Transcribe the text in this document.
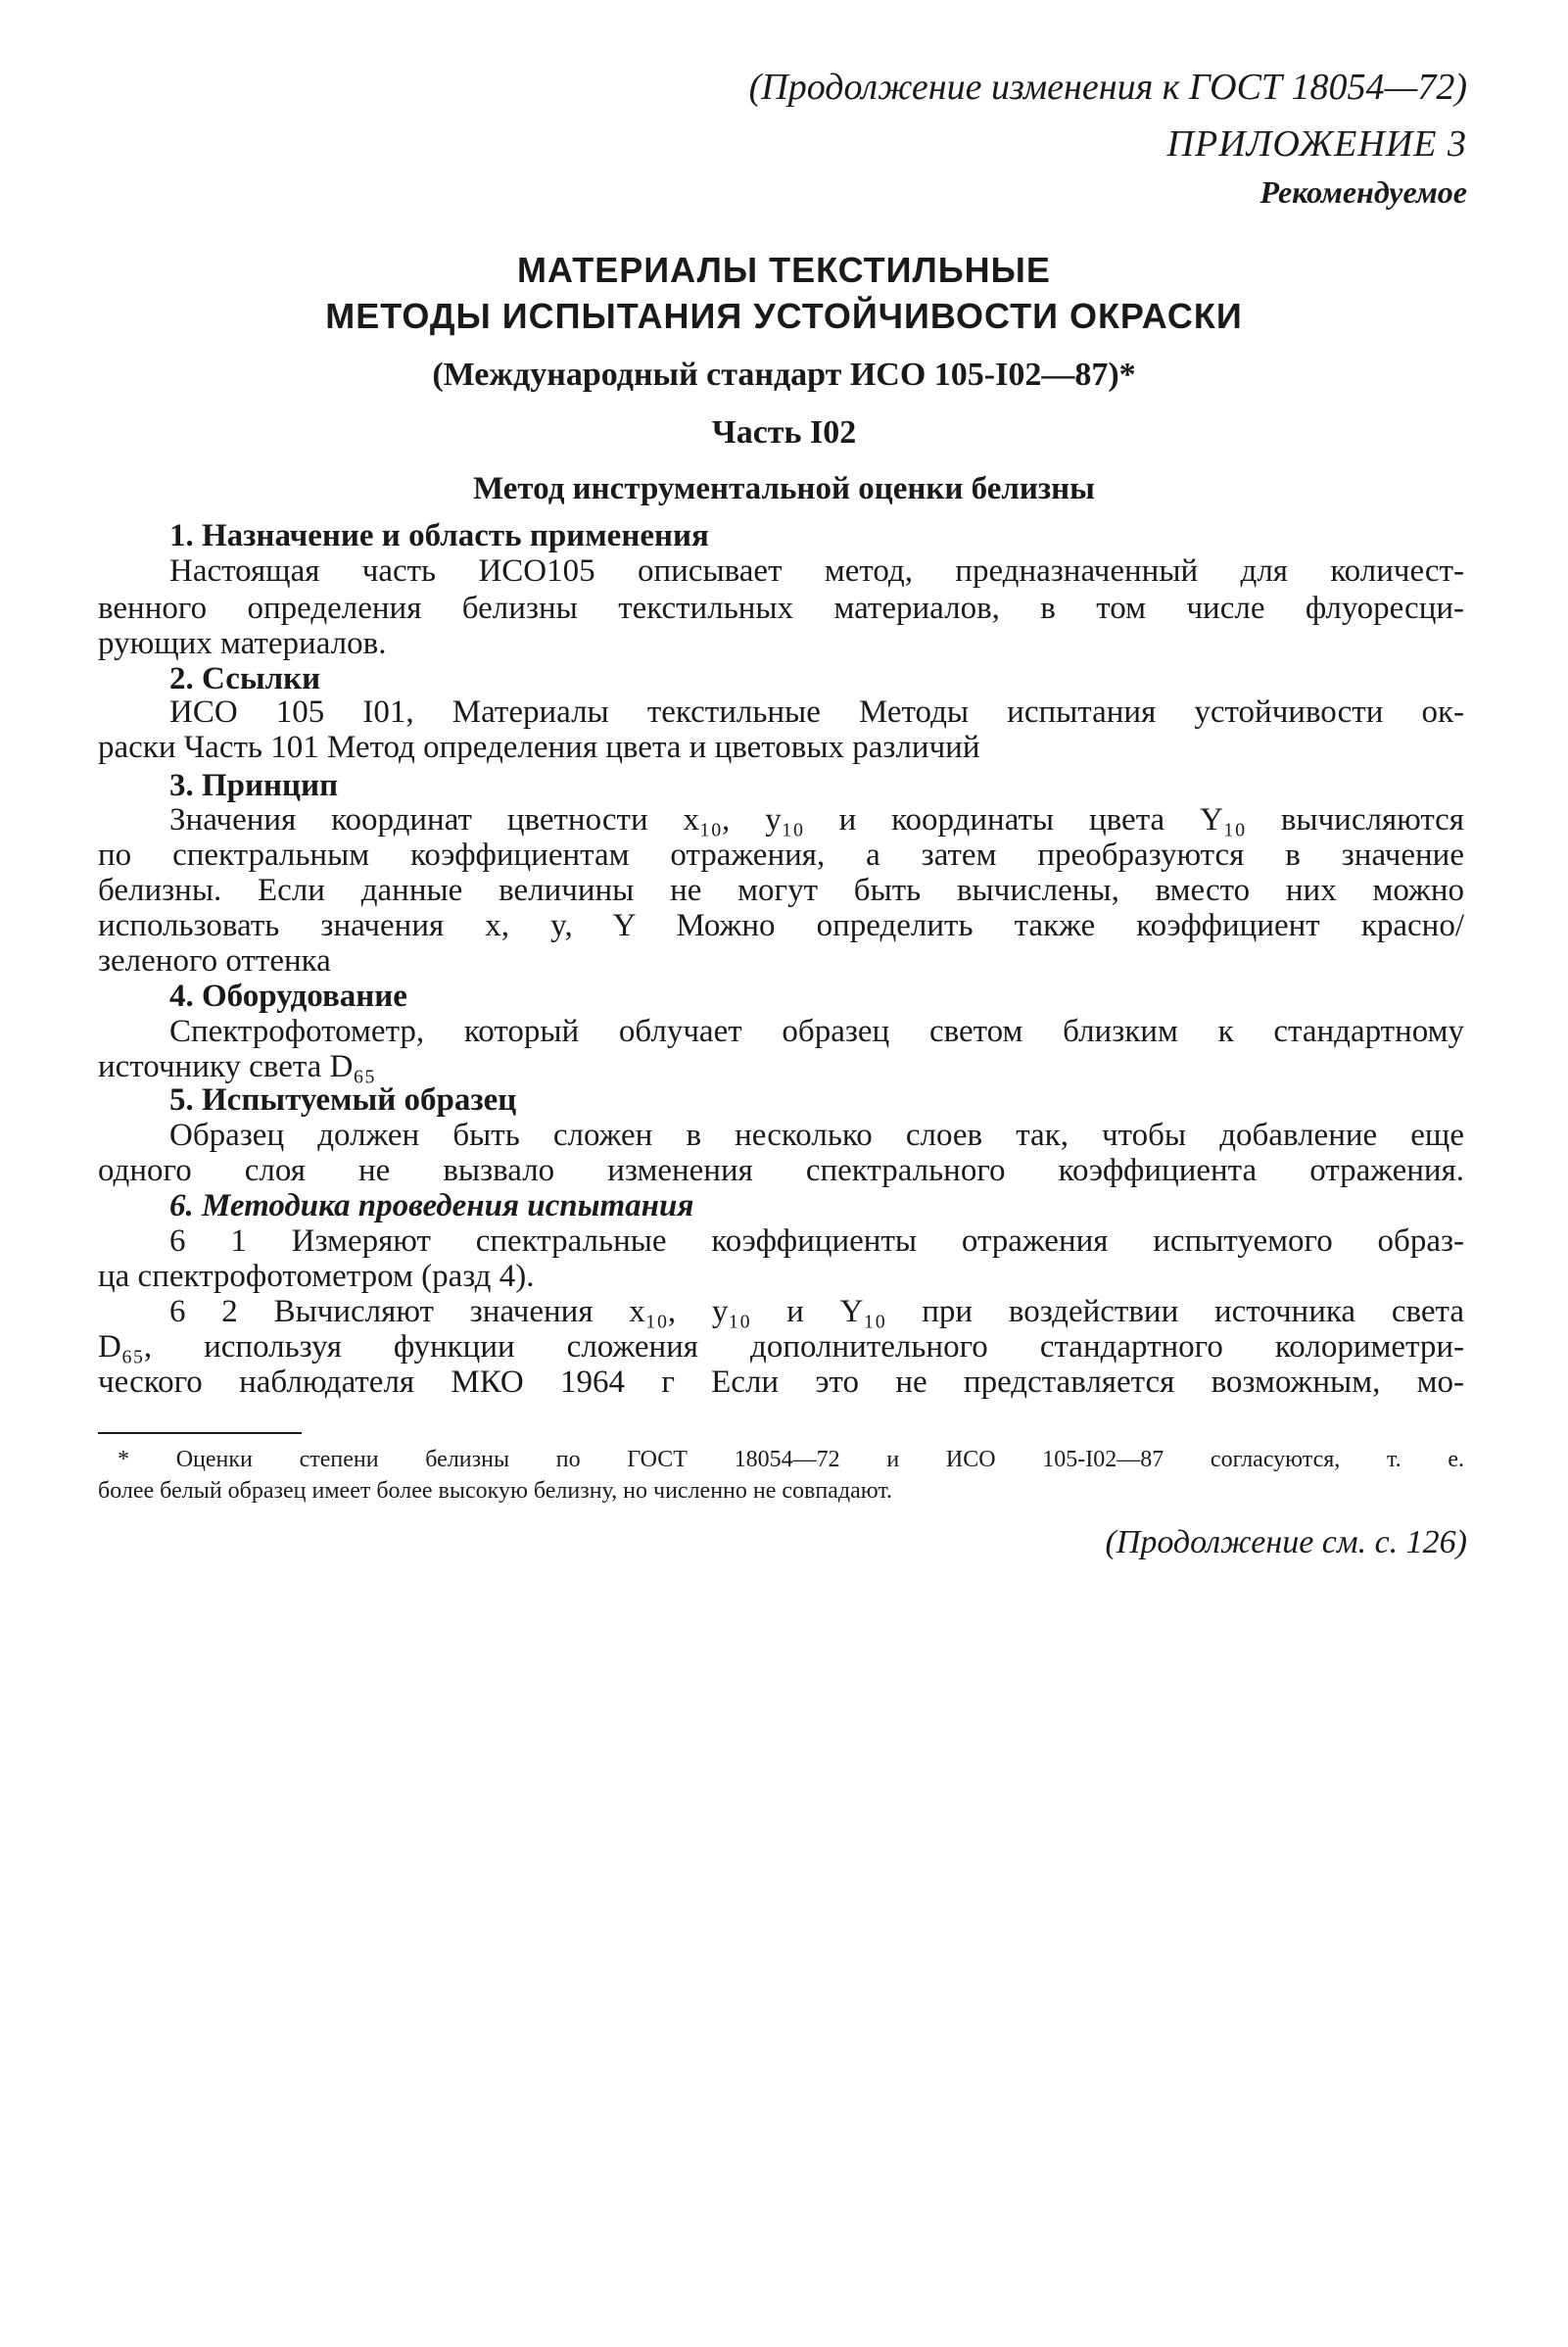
(Продолжение изменения к ГОСТ 18054—72)

ПРИЛОЖЕНИЕ 3

Рекомендуемое

МАТЕРИАЛЫ ТЕКСТИЛЬНЫЕ

МЕТОДЫ ИСПЫТАНИЯ УСТОЙЧИВОСТИ ОКРАСКИ

(Международный стандарт ИСО 105-I02—87)*

Часть I02

Метод инструментальной оценки белизны

1. Назначение и область применения

Настоящая часть ИСО105 описывает метод, предназначенный для количест-

венного определения белизны текстильных материалов, в том числе флуоресци-

рующих материалов.

2. Ссылки

ИСО 105 I01, Материалы текстильные Методы испытания устойчивости ок-

раски Часть 101 Метод определения цвета и цветовых различий

3. Принцип

Значения координат цветности x₁₀, y₁₀ и координаты цвета Y₁₀ вычисляются

по спектральным коэффициентам отражения, а затем преобразуются в значение

белизны. Если данные величины не могут быть вычислены, вместо них можно

использовать значения x, y, Y Можно определить также коэффициент красно/

зеленого оттенка

4. Оборудование

Спектрофотометр, который облучает образец светом близким к стандартному

источнику света D₆₅

5. Испытуемый образец

Образец должен быть сложен в несколько слоев так, чтобы добавление еще

одного слоя не вызвало изменения спектрального коэффициента отражения.

6. Методика проведения испытания

6 1 Измеряют спектральные коэффициенты отражения испытуемого образ-

ца спектрофотометром (разд 4).

6 2 Вычисляют значения x₁₀, y₁₀ и Y₁₀ при воздействии источника света

D₆₅, используя функции сложения дополнительного стандартного колориметри-

ческого наблюдателя МКО 1964 г Если это не представляется возможным, мо-

* Оценки степени белизны по ГОСТ 18054—72 и ИСО 105-I02—87 согласуются, т. е.

более белый образец имеет более высокую белизну, но численно не совпадают.

(Продолжение см. с. 126)
